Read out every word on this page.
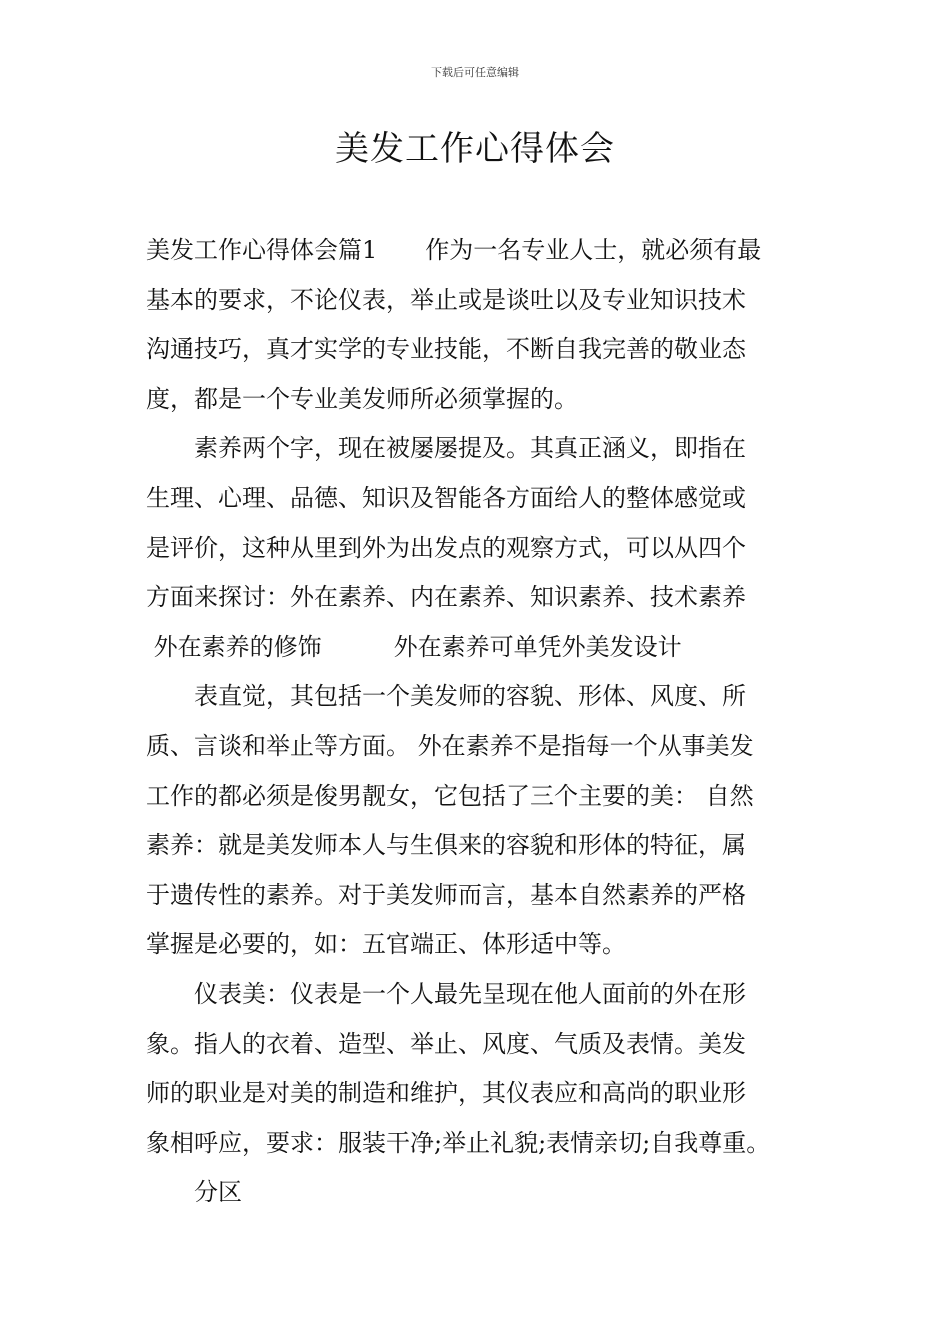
下载后可任意编辑
美发工作心得体会
美发工作心得体会篇1　　作为一名专业人士，就必须有最
基本的要求，不论仪表，举止或是谈吐以及专业知识技术
沟通技巧，真才实学的专业技能，不断自我完善的敬业态
度，都是一个专业美发师所必须掌握的。
　　素养两个字，现在被屡屡提及。其真正涵义，即指在
生理、心理、品德、知识及智能各方面给人的整体感觉或
是评价，这种从里到外为出发点的观察方式，可以从四个
方面来探讨：外在素养、内在素养、知识素养、技术素养
外在素养的修饰　　　外在素养可单凭外美发设计
　　表直觉，其包括一个美发师的容貌、形体、风度、所
质、言谈和举止等方面。 外在素养不是指每一个从事美发
工作的都必须是俊男靓女，它包括了三个主要的美： 自然
素养：就是美发师本人与生俱来的容貌和形体的特征，属
于遗传性的素养。对于美发师而言，基本自然素养的严格
掌握是必要的，如：五官端正、体形适中等。
　　仪表美：仪表是一个人最先呈现在他人面前的外在形
象。指人的衣着、造型、举止、风度、气质及表情。美发
师的职业是对美的制造和维护，其仪表应和高尚的职业形
象相呼应，要求：服装干净;举止礼貌;表情亲切;自我尊重。
　　分区
